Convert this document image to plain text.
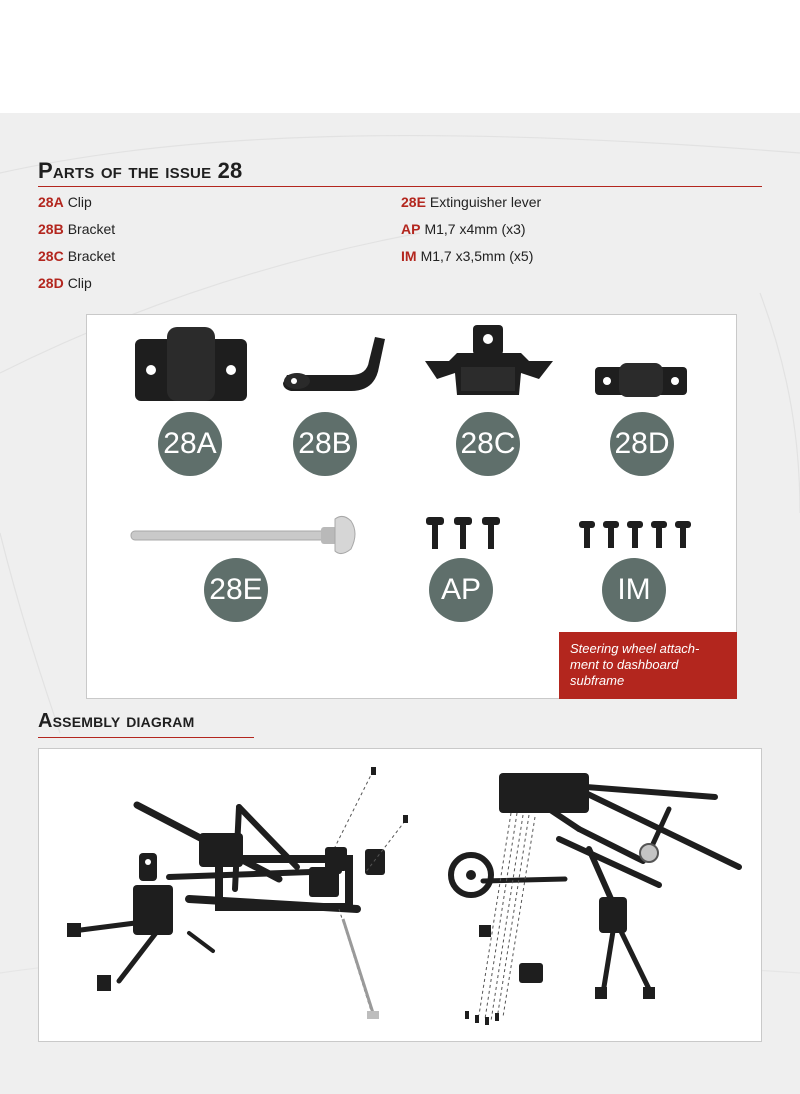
Parts of the issue 28
28A Clip
28B Bracket
28C Bracket
28D Clip
28E Extinguisher lever
AP M1,7 x4mm (x3)
IM M1,7 x3,5mm (x5)
28A	28B	28C	28D
28E	AP	IM
Steering wheel attach-
ment to dashboard
subframe
Assembly diagram
